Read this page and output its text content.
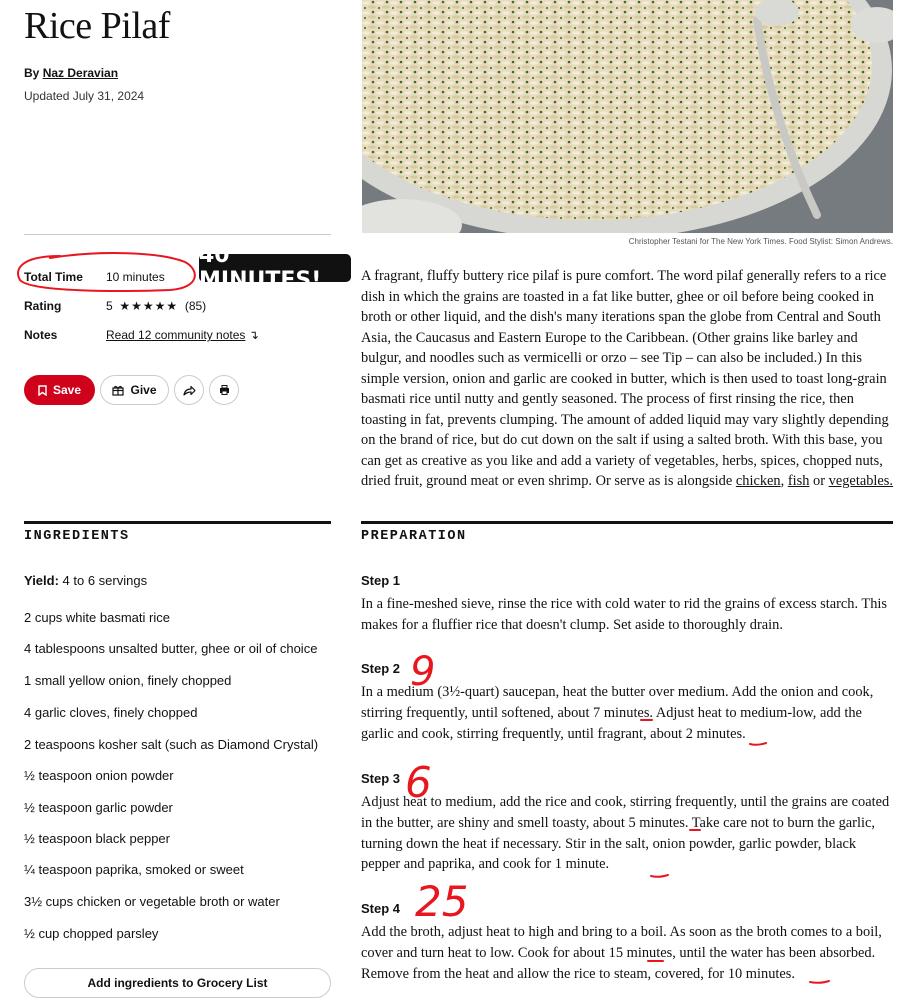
Rice Pilaf
By Naz Deravian
Updated July 31, 2024
Christopher Testani for The New York Times. Food Stylist: Simon Andrews.
Total Time 10 minutes
40 MINUTES!
Rating	5 ★★★★★ (85)
Notes	Read 12 community notes ↴
Save	Give
A fragrant, fluffy buttery rice pilaf is pure comfort. The word pilaf generally refers to a rice dish in which the grains are toasted in a fat like butter, ghee or oil before being cooked in broth or other liquid, and the dish's many iterations span the globe from Central and South Asia, the Caucasus and Eastern Europe to the Caribbean. (Other grains like barley and bulgur, and noodles such as vermicelli or orzo – see Tip – can also be included.) In this simple version, onion and garlic are cooked in butter, which is then used to toast long-grain basmati rice until nutty and gently seasoned. The process of first rinsing the rice, then toasting in fat, prevents clumping. The amount of added liquid may vary slightly depending on the brand of rice, but do cut down on the salt if using a salted broth. With this base, you can get as creative as you like and add a variety of vegetables, herbs, spices, chopped nuts, dried fruit, ground meat or even shrimp. Or serve as is alongside chicken, fish or vegetables.
INGREDIENTS
Yield: 4 to 6 servings
2 cups white basmati rice
4 tablespoons unsalted butter, ghee or oil of choice
1 small yellow onion, finely chopped
4 garlic cloves, finely chopped
2 teaspoons kosher salt (such as Diamond Crystal)
½ teaspoon onion powder
½ teaspoon garlic powder
½ teaspoon black pepper
¼ teaspoon paprika, smoked or sweet
3½ cups chicken or vegetable broth or water
½ cup chopped parsley
Add ingredients to Grocery List
PREPARATION
Step 1
In a fine-meshed sieve, rinse the rice with cold water to rid the grains of excess starch. This makes for a fluffier rice that doesn't clump. Set aside to thoroughly drain.
Step 2
In a medium (3½-quart) saucepan, heat the butter over medium. Add the onion and cook, stirring frequently, until softened, about 7 minutes. Adjust heat to medium-low, add the garlic and cook, stirring frequently, until fragrant, about 2 minutes.
Step 3
Adjust heat to medium, add the rice and cook, stirring frequently, until the grains are coated in the butter, are shiny and smell toasty, about 5 minutes. Take care not to burn the garlic, turning down the heat if necessary. Stir in the salt, onion powder, garlic powder, black pepper and paprika, and cook for 1 minute.
Step 4
Add the broth, adjust heat to high and bring to a boil. As soon as the broth comes to a boil, cover and turn heat to low. Cook for about 15 minutes, until the water has been absorbed. Remove from the heat and allow the rice to steam, covered, for 10 minutes.
9
6
25
